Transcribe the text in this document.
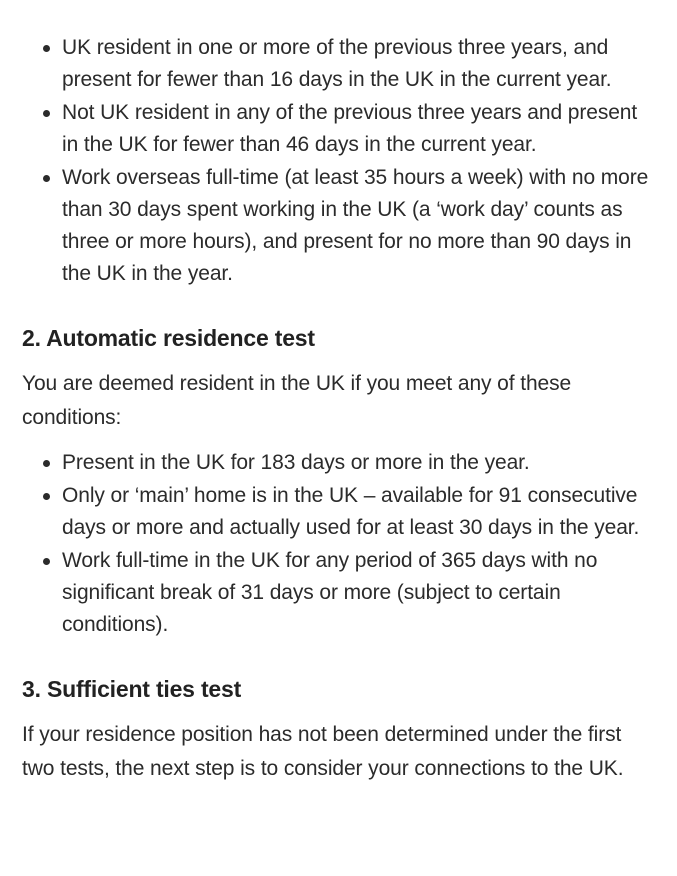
UK resident in one or more of the previous three years, and present for fewer than 16 days in the UK in the current year.
Not UK resident in any of the previous three years and present in the UK for fewer than 46 days in the current year.
Work overseas full-time (at least 35 hours a week) with no more than 30 days spent working in the UK (a ‘work day’ counts as three or more hours), and present for no more than 90 days in the UK in the year.
2. Automatic residence test

You are deemed resident in the UK if you meet any of these conditions:

Present in the UK for 183 days or more in the year.
Only or ‘main’ home is in the UK – available for 91 consecutive days or more and actually used for at least 30 days in the year.
Work full-time in the UK for any period of 365 days with no significant break of 31 days or more (subject to certain conditions).
3. Sufficient ties test

If your residence position has not been determined under the first two tests, the next step is to consider your connections to the UK.
